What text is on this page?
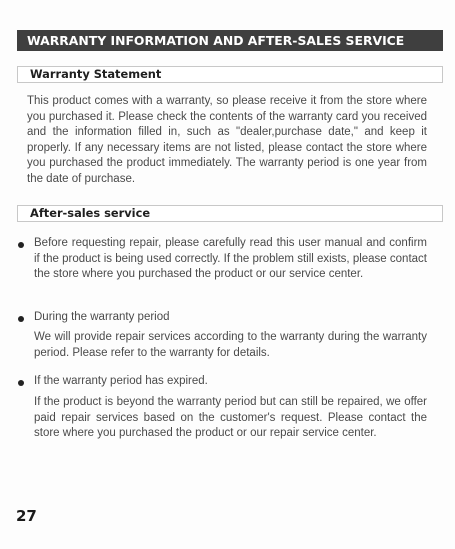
WARRANTY INFORMATION AND AFTER-SALES SERVICE
Warranty Statement

This product comes with a warranty, so please receive it from the store where you purchased it. Please check the contents of the warranty card you received and the information filled in, such as "dealer,purchase date," and keep it properly. If any necessary items are not listed, please contact the store where you purchased the product immediately. The warranty period is one year from the date of purchase.

After-sales service

Before requesting repair, please carefully read this user manual and confirm if the product is being used correctly. If the problem still exists, please contact the store where you purchased the product or our service center.

During the warranty period

We will provide repair services according to the warranty during the warranty period. Please refer to the warranty for details.

If the warranty period has expired.

If the product is beyond the warranty period but can still be repaired, we offer paid repair services based on the customer's request. Please contact the store where you purchased the product or our repair service center.

27
